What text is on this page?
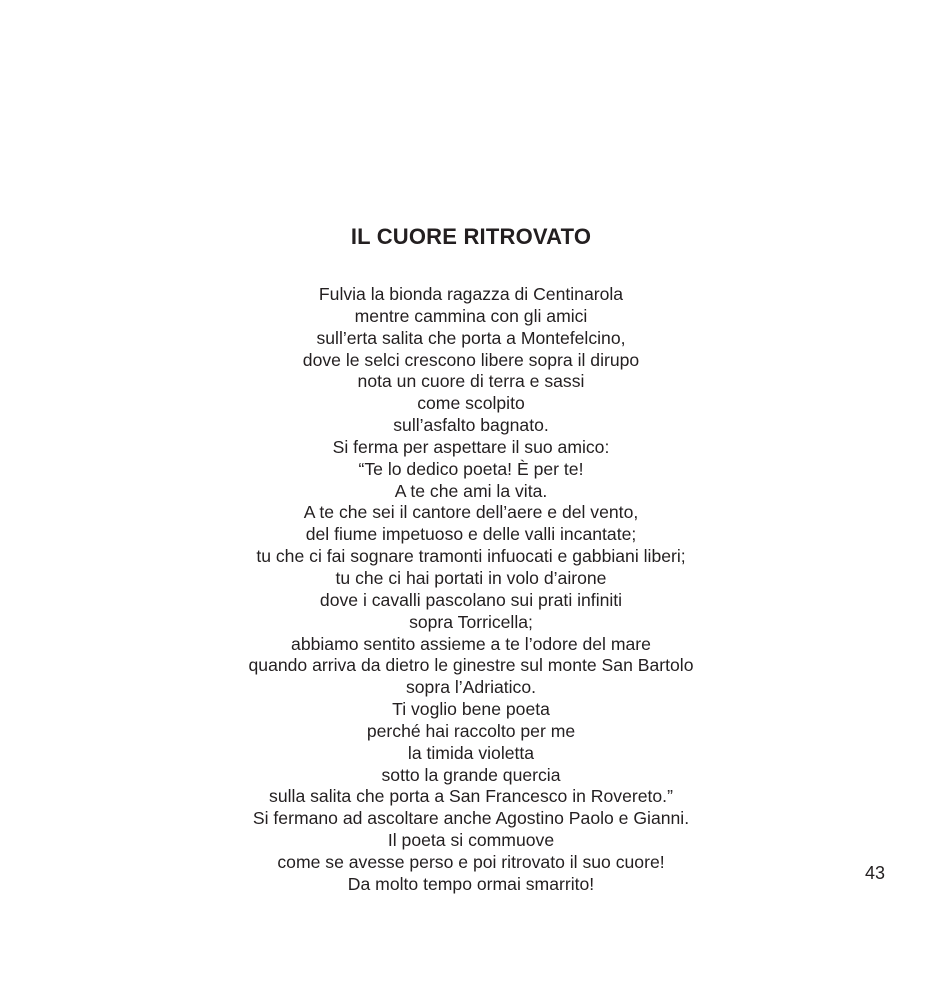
IL CUORE RITROVATO
Fulvia la bionda ragazza di Centinarola
mentre cammina con gli amici
sull’erta salita che porta a Montefelcino,
dove le selci crescono libere sopra il dirupo
nota un cuore di terra e sassi
come scolpito
sull’asfalto bagnato.
Si ferma per aspettare il suo amico:
“Te lo dedico poeta! È per te!
A te che ami la vita.
A te che sei il cantore dell’aere e del vento,
del fiume impetuoso e delle valli incantate;
tu che ci fai sognare tramonti infuocati e gabbiani liberi;
tu che ci hai portati in volo d’airone
dove i cavalli pascolano sui prati infiniti
sopra Torricella;
abbiamo sentito assieme a te l’odore del mare
quando arriva da dietro le ginestre sul monte San Bartolo
sopra l’Adriatico.
Ti voglio bene poeta
perché hai raccolto per me
la timida violetta
sotto la grande quercia
sulla salita che porta a San Francesco in Rovereto.”
Si fermano ad ascoltare anche Agostino Paolo e Gianni.
Il poeta si commuove
come se avesse perso e poi ritrovato il suo cuore!
Da molto tempo ormai smarrito!
43
